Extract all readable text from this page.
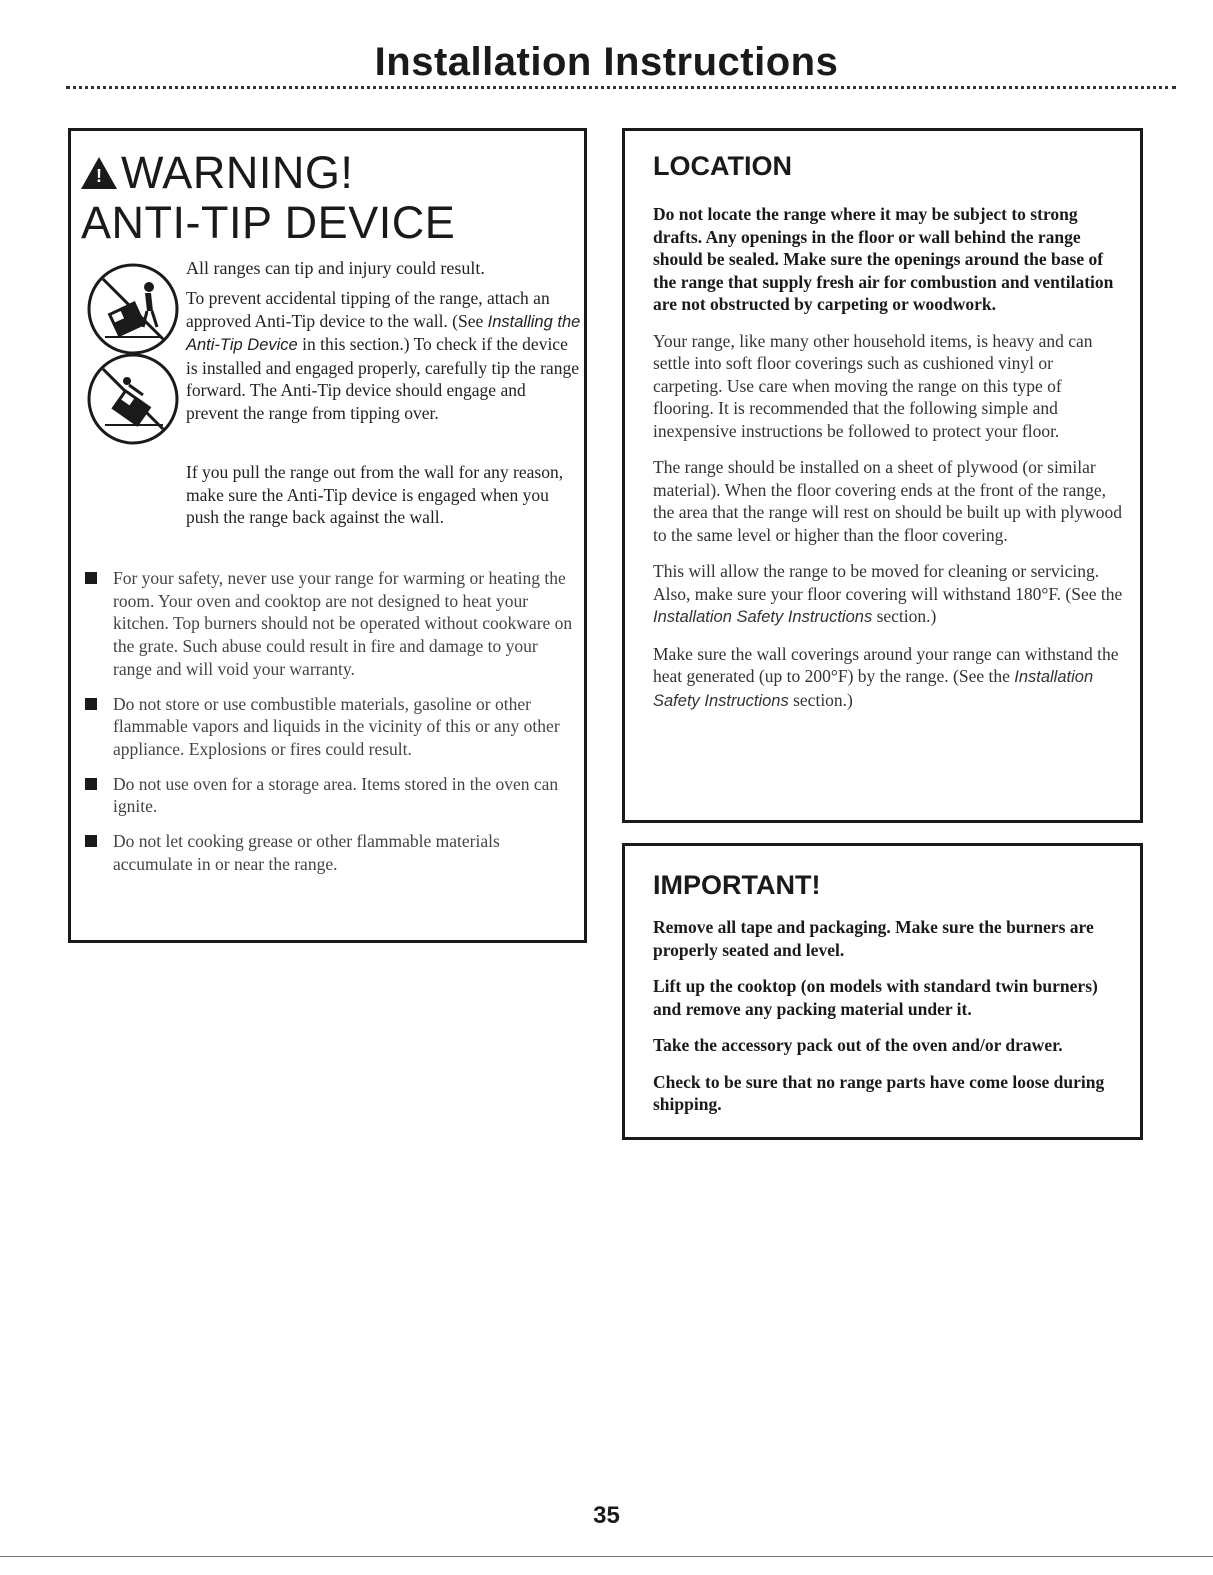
Installation Instructions
!WARNING!
ANTI-TIP DEVICE
All ranges can tip and injury could result.
To prevent accidental tipping of the range, attach an approved Anti-Tip device to the wall. (See Installing the Anti-Tip Device in this section.) To check if the device is installed and engaged properly, carefully tip the range forward. The Anti-Tip device should engage and prevent the range from tipping over.
If you pull the range out from the wall for any reason, make sure the Anti-Tip device is engaged when you push the range back against the wall.
For your safety, never use your range for warming or heating the room. Your oven and cooktop are not designed to heat your kitchen. Top burners should not be operated without cookware on the grate. Such abuse could result in fire and damage to your range and will void your warranty.
Do not store or use combustible materials, gasoline or other flammable vapors and liquids in the vicinity of this or any other appliance. Explosions or fires could result.
Do not use oven for a storage area. Items stored in the oven can ignite.
Do not let cooking grease or other flammable materials accumulate in or near the range.
LOCATION

Do not locate the range where it may be subject to strong drafts. Any openings in the floor or wall behind the range should be sealed. Make sure the openings around the base of the range that supply fresh air for combustion and ventilation are not obstructed by carpeting or woodwork.

Your range, like many other household items, is heavy and can settle into soft floor coverings such as cushioned vinyl or carpeting. Use care when moving the range on this type of flooring. It is recommended that the following simple and inexpensive instructions be followed to protect your floor.

The range should be installed on a sheet of plywood (or similar material). When the floor covering ends at the front of the range, the area that the range will rest on should be built up with plywood to the same level or higher than the floor covering.

This will allow the range to be moved for cleaning or servicing. Also, make sure your floor covering will withstand 180°F. (See the Installation Safety Instructions section.)

Make sure the wall coverings around your range can withstand the heat generated (up to 200°F) by the range. (See the Installation Safety Instructions section.)

IMPORTANT!

Remove all tape and packaging. Make sure the burners are properly seated and level.

Lift up the cooktop (on models with standard twin burners) and remove any packing material under it.

Take the accessory pack out of the oven and/or drawer.

Check to be sure that no range parts have come loose during shipping.

35
